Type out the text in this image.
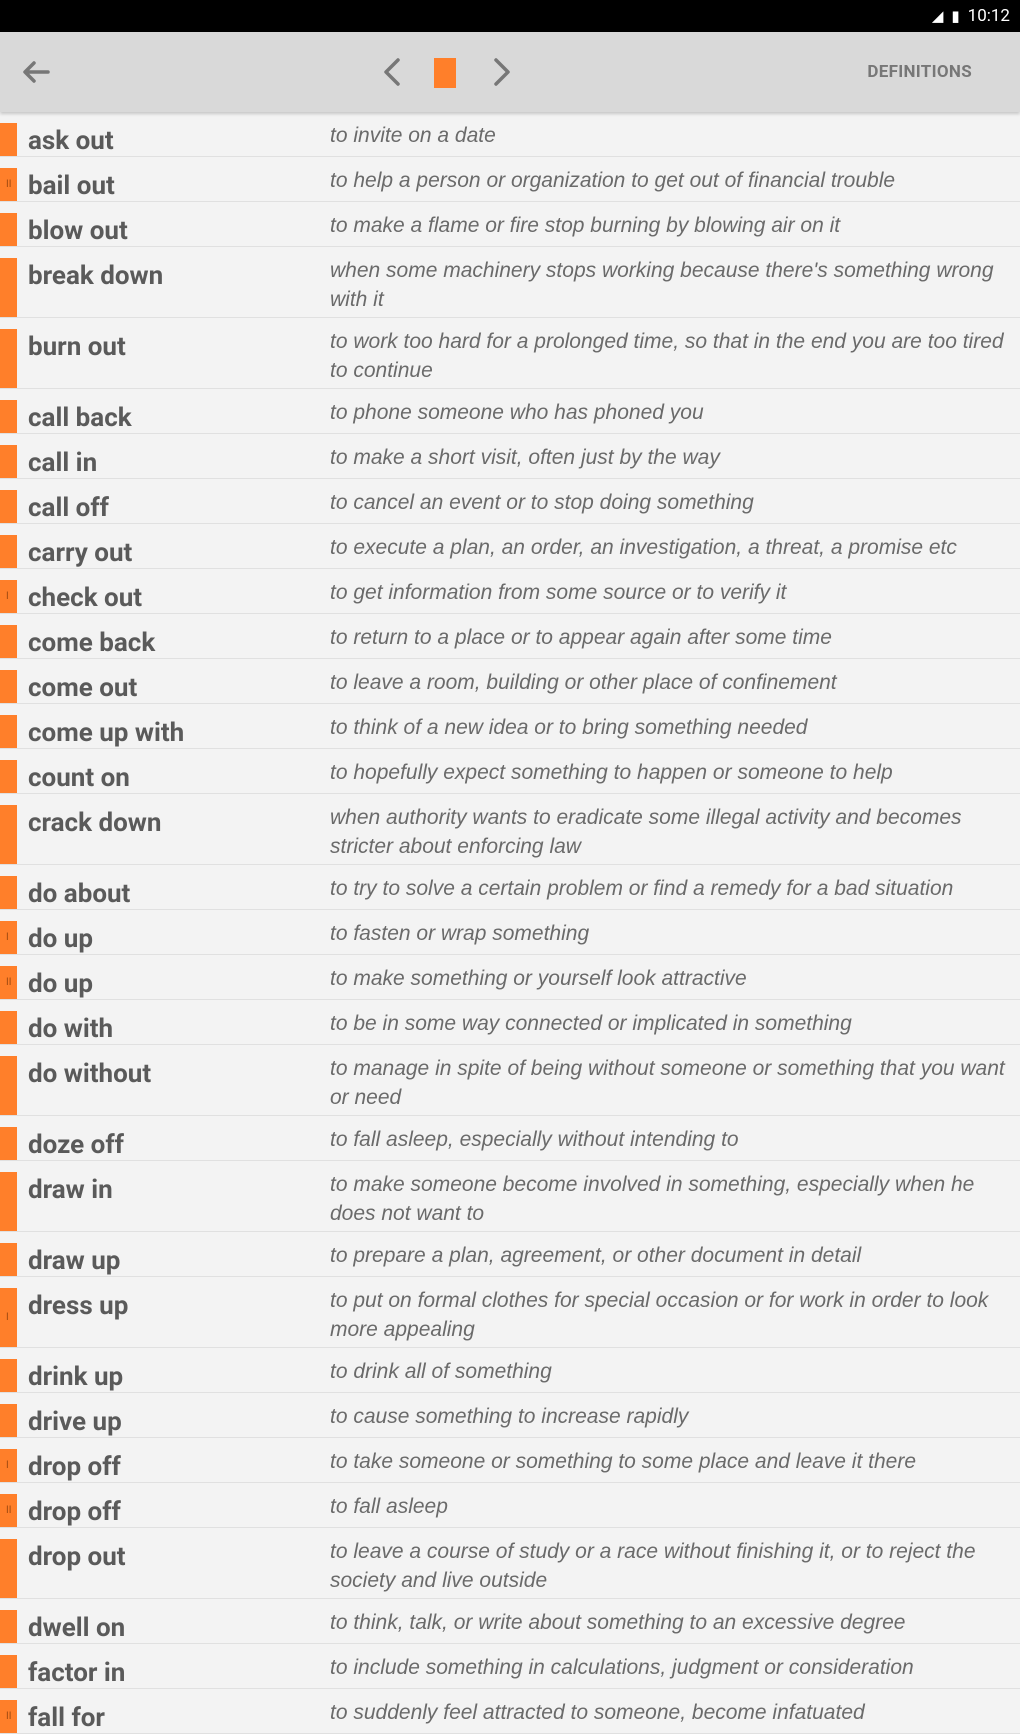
◢ ▮ 10:12
DEFINITIONS
ask out	to invite on a date
II bail out	to help a person or organization to get out of financial trouble
blow out	to make a flame or fire stop burning by blowing air on it
break down	when some machinery stops working because there's something wrong with it
burn out	to work too hard for a prolonged time, so that in the end you are too tired to continue
call back	to phone someone who has phoned you
call in	to make a short visit, often just by the way
call off	to cancel an event or to stop doing something
carry out	to execute a plan, an order, an investigation, a threat, a promise etc
I check out	to get information from some source or to verify it
come back	to return to a place or to appear again after some time
come out	to leave a room, building or other place of confinement
come up with	to think of a new idea or to bring something needed
count on	to hopefully expect something to happen or someone to help
crack down	when authority wants to eradicate some illegal activity and becomes stricter about enforcing law
do about	to try to solve a certain problem or find a remedy for a bad situation
I do up	to fasten or wrap something
II do up	to make something or yourself look attractive
do with	to be in some way connected or implicated in something
do without	to manage in spite of being without someone or something that you want or need
doze off	to fall asleep, especially without intending to
draw in	to make someone become involved in something, especially when he does not want to
draw up	to prepare a plan, agreement, or other document in detail
I dress up	to put on formal clothes for special occasion or for work in order to look more appealing
drink up	to drink all of something
drive up	to cause something to increase rapidly
I drop off	to take someone or something to some place and leave it there
II drop off	to fall asleep
drop out	to leave a course of study or a race without finishing it, or to reject the society and live outside
dwell on	to think, talk, or write about something to an excessive degree
factor in	to include something in calculations, judgment or consideration
II fall for	to suddenly feel attracted to someone, become infatuated
